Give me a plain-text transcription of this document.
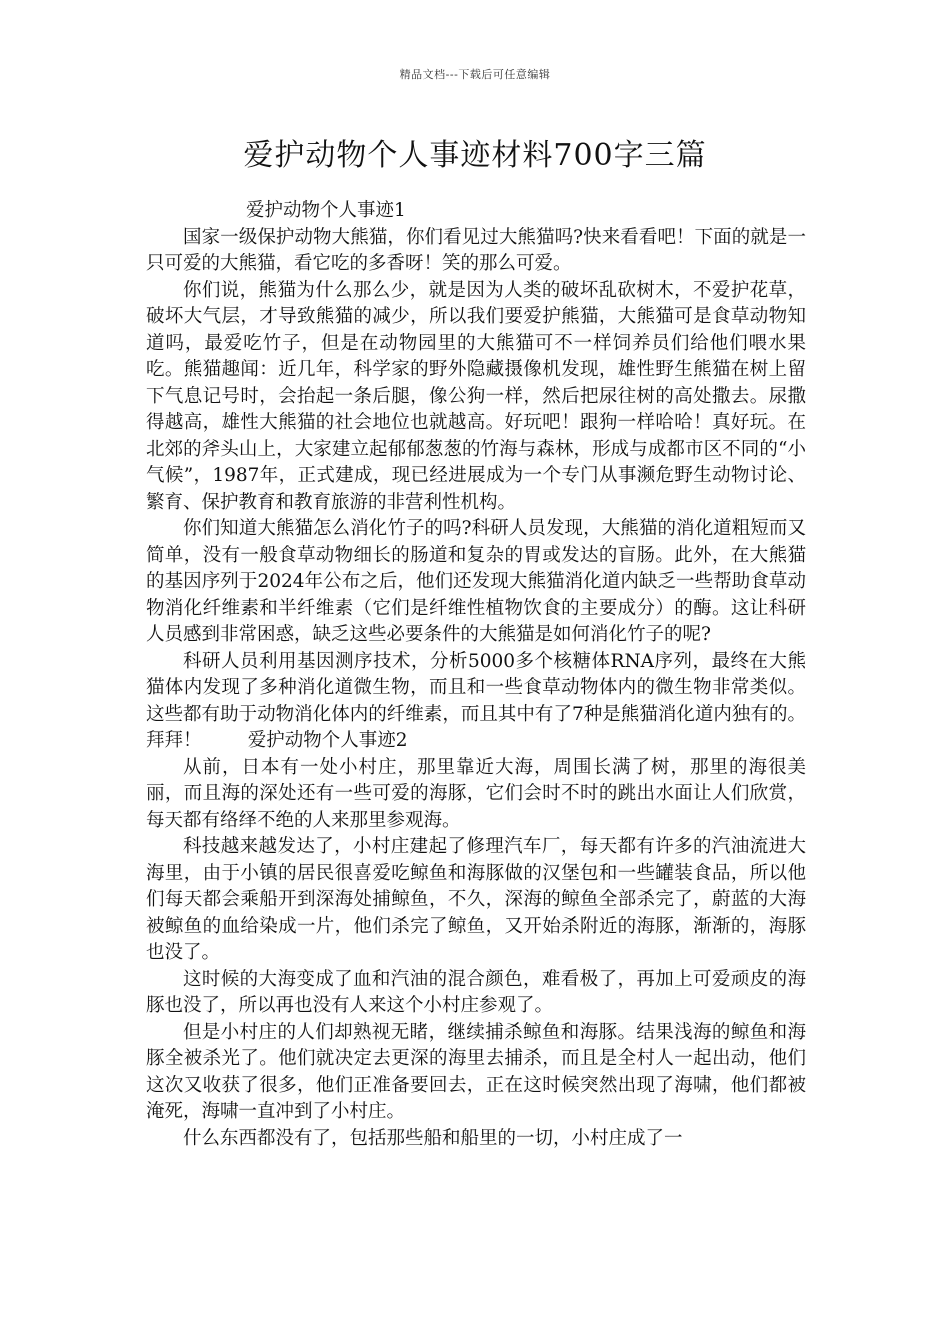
精品文档---下载后可任意编辑
爱护动物个人事迹材料700字三篇

爱护动物个人事迹1

国家一级保护动物大熊猫，你们看见过大熊猫吗?快来看看吧！下面的就是一只可爱的大熊猫，看它吃的多香呀！笑的那么可爱。

你们说，熊猫为什么那么少，就是因为人类的破坏乱砍树木，不爱护花草，破坏大气层，才导致熊猫的减少，所以我们要爱护熊猫，大熊猫可是食草动物知道吗，最爱吃竹子，但是在动物园里的大熊猫可不一样饲养员们给他们喂水果吃。熊猫趣闻：近几年，科学家的野外隐藏摄像机发现，雄性野生熊猫在树上留下气息记号时，会抬起一条后腿，像公狗一样，然后把尿往树的高处撒去。尿撒得越高，雄性大熊猫的社会地位也就越高。好玩吧！跟狗一样哈哈！真好玩。在北郊的斧头山上，大家建立起郁郁葱葱的竹海与森林，形成与成都市区不同的“小气候”，1987年，正式建成，现已经进展成为一个专门从事濒危野生动物讨论、繁育、保护教育和教育旅游的非营利性机构。

你们知道大熊猫怎么消化竹子的吗?科研人员发现，大熊猫的消化道粗短而又简单，没有一般食草动物细长的肠道和复杂的胃或发达的盲肠。此外，在大熊猫的基因序列于2024年公布之后，他们还发现大熊猫消化道内缺乏一些帮助食草动物消化纤维素和半纤维素（它们是纤维性植物饮食的主要成分）的酶。这让科研人员感到非常困惑，缺乏这些必要条件的大熊猫是如何消化竹子的呢?

科研人员利用基因测序技术，分析5000多个核糖体RNA序列，最终在大熊猫体内发现了多种消化道微生物，而且和一些食草动物体内的微生物非常类似。这些都有助于动物消化体内的纤维素，而且其中有了7种是熊猫消化道内独有的。拜拜！	爱护动物个人事迹2

从前，日本有一处小村庄，那里靠近大海，周围长满了树，那里的海很美丽，而且海的深处还有一些可爱的海豚，它们会时不时的跳出水面让人们欣赏，每天都有络绎不绝的人来那里参观海。

科技越来越发达了，小村庄建起了修理汽车厂，每天都有许多的汽油流进大海里，由于小镇的居民很喜爱吃鲸鱼和海豚做的汉堡包和一些罐装食品，所以他们每天都会乘船开到深海处捕鲸鱼，不久，深海的鲸鱼全部杀完了，蔚蓝的大海被鲸鱼的血给染成一片，他们杀完了鲸鱼，又开始杀附近的海豚，渐渐的，海豚也没了。

这时候的大海变成了血和汽油的混合颜色，难看极了，再加上可爱顽皮的海豚也没了，所以再也没有人来这个小村庄参观了。

但是小村庄的人们却熟视无睹，继续捕杀鲸鱼和海豚。结果浅海的鲸鱼和海豚全被杀光了。他们就决定去更深的海里去捕杀，而且是全村人一起出动，他们这次又收获了很多，他们正准备要回去，正在这时候突然出现了海啸，他们都被淹死，海啸一直冲到了小村庄。

什么东西都没有了，包括那些船和船里的一切，小村庄成了一
